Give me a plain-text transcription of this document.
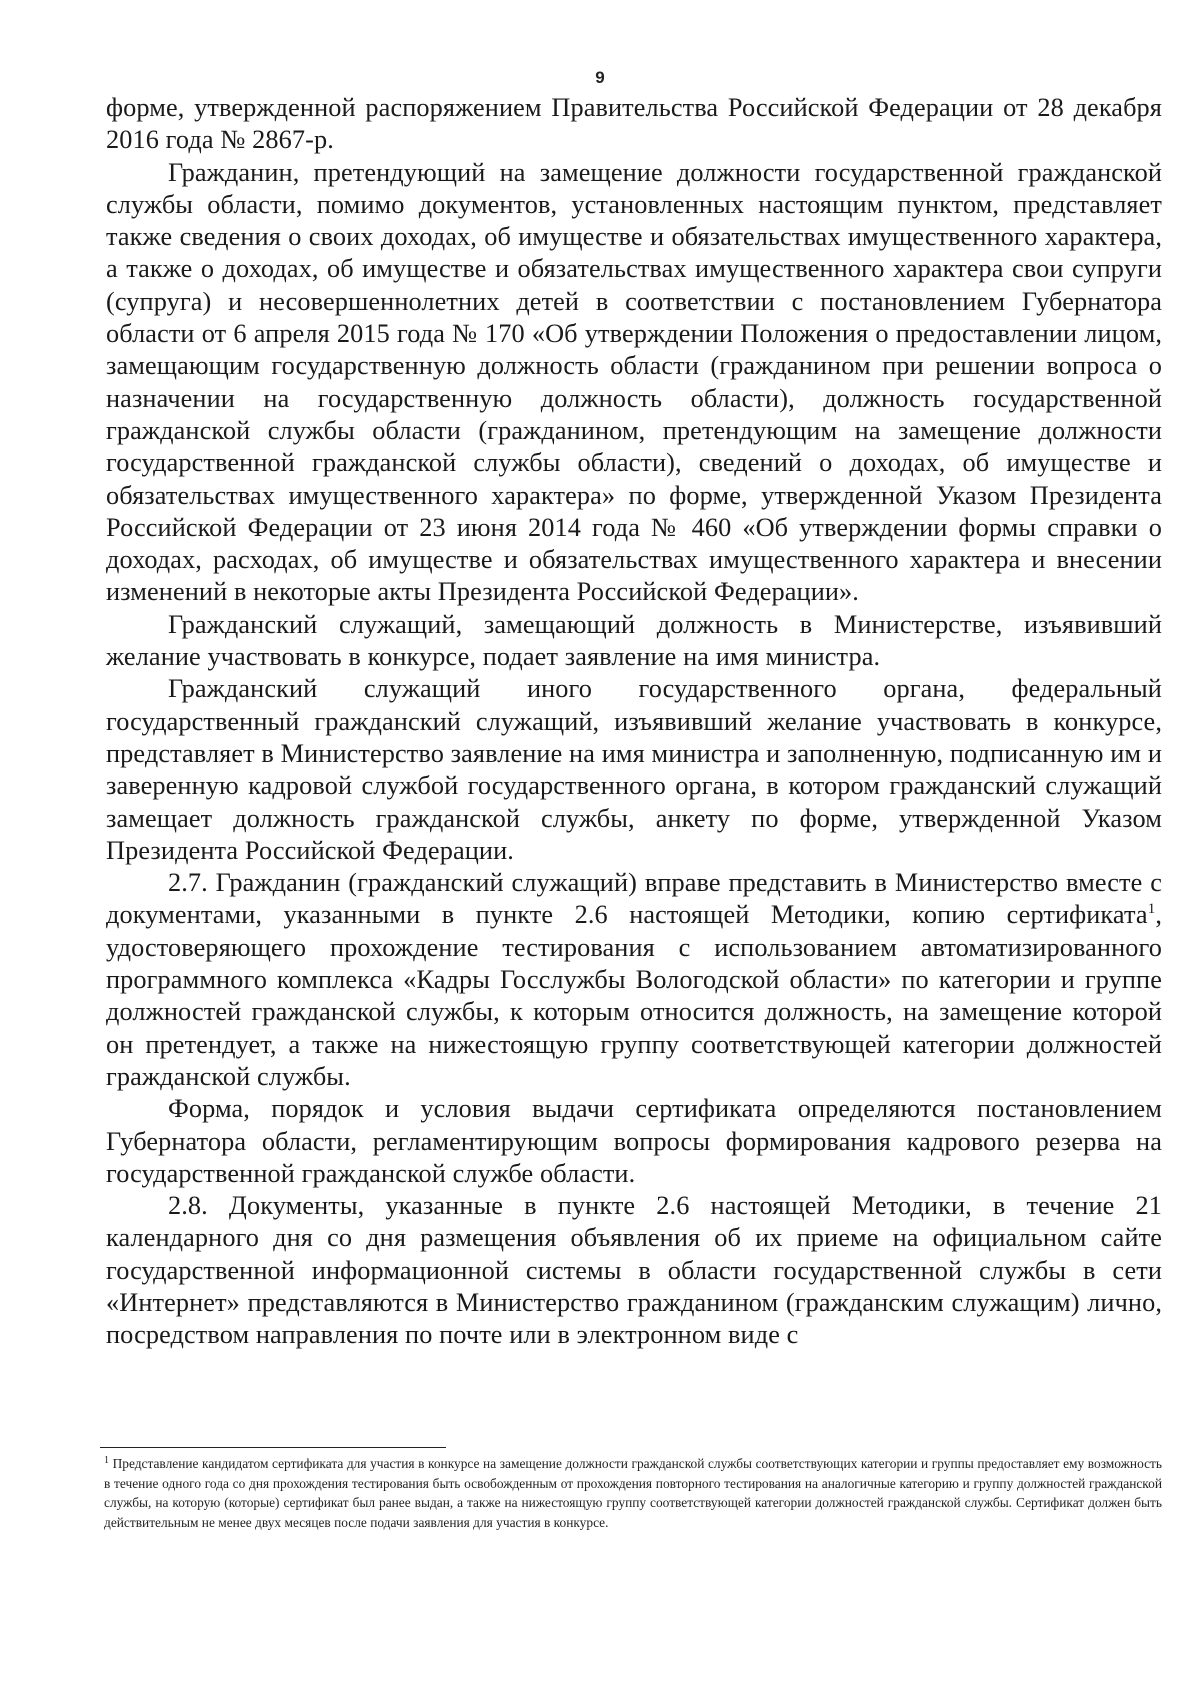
9

форме, утвержденной распоряжением Правительства Российской Федерации от 28 декабря 2016 года № 2867-р.

Гражданин, претендующий на замещение должности государственной гражданской службы области, помимо документов, установленных настоящим пунктом, представляет также сведения о своих доходах, об имуществе и обязательствах имущественного характера, а также о доходах, об имуществе и обязательствах имущественного характера свои супруги (супруга) и несовершеннолетних детей в соответствии с постановлением Губернатора области от 6 апреля 2015 года № 170 «Об утверждении Положения о предоставлении лицом, замещающим государственную должность области (гражданином при решении вопроса о назначении на государственную должность области), должность государственной гражданской службы области (гражданином, претендующим на замещение должности государственной гражданской службы области), сведений о доходах, об имуществе и обязательствах имущественного характера» по форме, утвержденной Указом Президента Российской Федерации от 23 июня 2014 года № 460 «Об утверждении формы справки о доходах, расходах, об имуществе и обязательствах имущественного характера и внесении изменений в некоторые акты Президента Российской Федерации».

Гражданский служащий, замещающий должность в Министерстве, изъявивший желание участвовать в конкурсе, подает заявление на имя министра.

Гражданский служащий иного государственного органа, федеральный государственный гражданский служащий, изъявивший желание участвовать в конкурсе, представляет в Министерство заявление на имя министра и заполненную, подписанную им и заверенную кадровой службой государственного органа, в котором гражданский служащий замещает должность гражданской службы, анкету по форме, утвержденной Указом Президента Российской Федерации.

2.7. Гражданин (гражданский служащий) вправе представить в Министерство вместе с документами, указанными в пункте 2.6 настоящей Методики, копию сертификата$^1$, удостоверяющего прохождение тестирования с использованием автоматизированного программного комплекса «Кадры Госслужбы Вологодской области» по категории и группе должностей гражданской службы, к которым относится должность, на замещение которой он претендует, а также на нижестоящую группу соответствующей категории должностей гражданской службы.

Форма, порядок и условия выдачи сертификата определяются постановлением Губернатора области, регламентирующим вопросы формирования кадрового резерва на государственной гражданской службе области.

2.8. Документы, указанные в пункте 2.6 настоящей Методики, в течение 21 календарного дня со дня размещения объявления об их приеме на официальном сайте государственной информационной системы в области государственной службы в сети «Интернет» представляются в Министерство гражданином (гражданским служащим) лично, посредством направления по почте или в электронном виде с

$^1$ Представление кандидатом сертификата для участия в конкурсе на замещение должности гражданской службы соответствующих категории и группы предоставляет ему возможность в течение одного года со дня прохождения тестирования быть освобожденным от прохождения повторного тестирования на аналогичные категорию и группу должностей гражданской службы, на которую (которые) сертификат был ранее выдан, а также на нижестоящую группу соответствующей категории должностей гражданской службы. Сертификат должен быть действительным не менее двух месяцев после подачи заявления для участия в конкурсе.
